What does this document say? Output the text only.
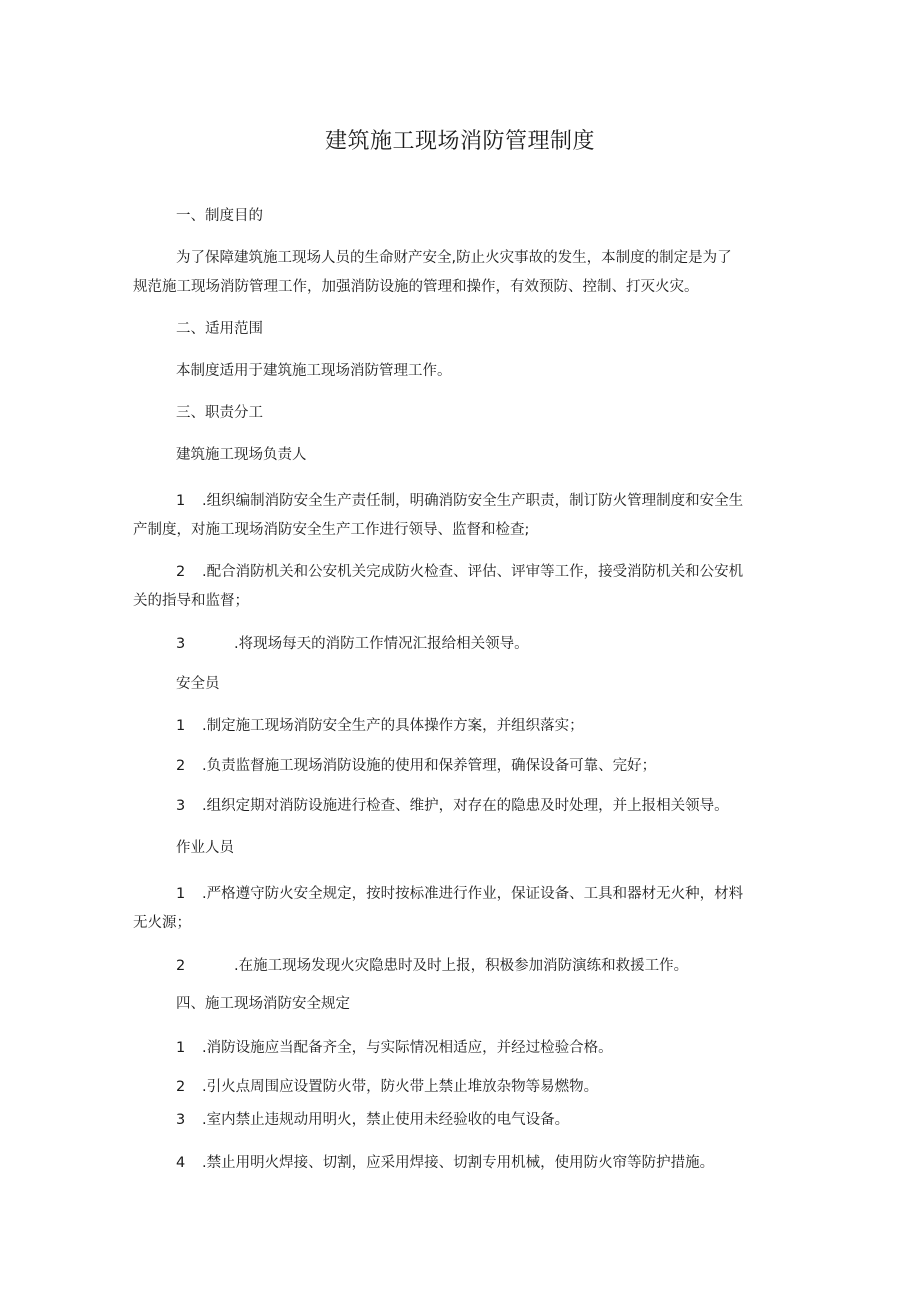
建筑施工现场消防管理制度
一、制度目的
为了保障建筑施工现场人员的生命财产安全,防止火灾事故的发生，本制度的制定是为了
规范施工现场消防管理工作，加强消防设施的管理和操作，有效预防、控制、打灭火灾。
二、适用范围
本制度适用于建筑施工现场消防管理工作。
三、职责分工
建筑施工现场负责人
1 .组织编制消防安全生产责任制，明确消防安全生产职责，制订防火管理制度和安全生
产制度，对施工现场消防安全生产工作进行领导、监督和检查;
2 .配合消防机关和公安机关完成防火检查、评估、评审等工作，接受消防机关和公安机
关的指导和监督；
3	.将现场每天的消防工作情况汇报给相关领导。
安全员
1 .制定施工现场消防安全生产的具体操作方案，并组织落实；
2 .负责监督施工现场消防设施的使用和保养管理，确保设备可靠、完好；
3 .组织定期对消防设施进行检查、维护，对存在的隐患及时处理，并上报相关领导。
作业人员
1 .严格遵守防火安全规定，按时按标准进行作业，保证设备、工具和器材无火种，材料
无火源；
2	.在施工现场发现火灾隐患时及时上报，积极参加消防演练和救援工作。
四、施工现场消防安全规定
1 .消防设施应当配备齐全，与实际情况相适应，并经过检验合格。
2 .引火点周围应设置防火带，防火带上禁止堆放杂物等易燃物。
3 .室内禁止违规动用明火，禁止使用未经验收的电气设备。
4 .禁止用明火焊接、切割，应采用焊接、切割专用机械，使用防火帘等防护措施。
